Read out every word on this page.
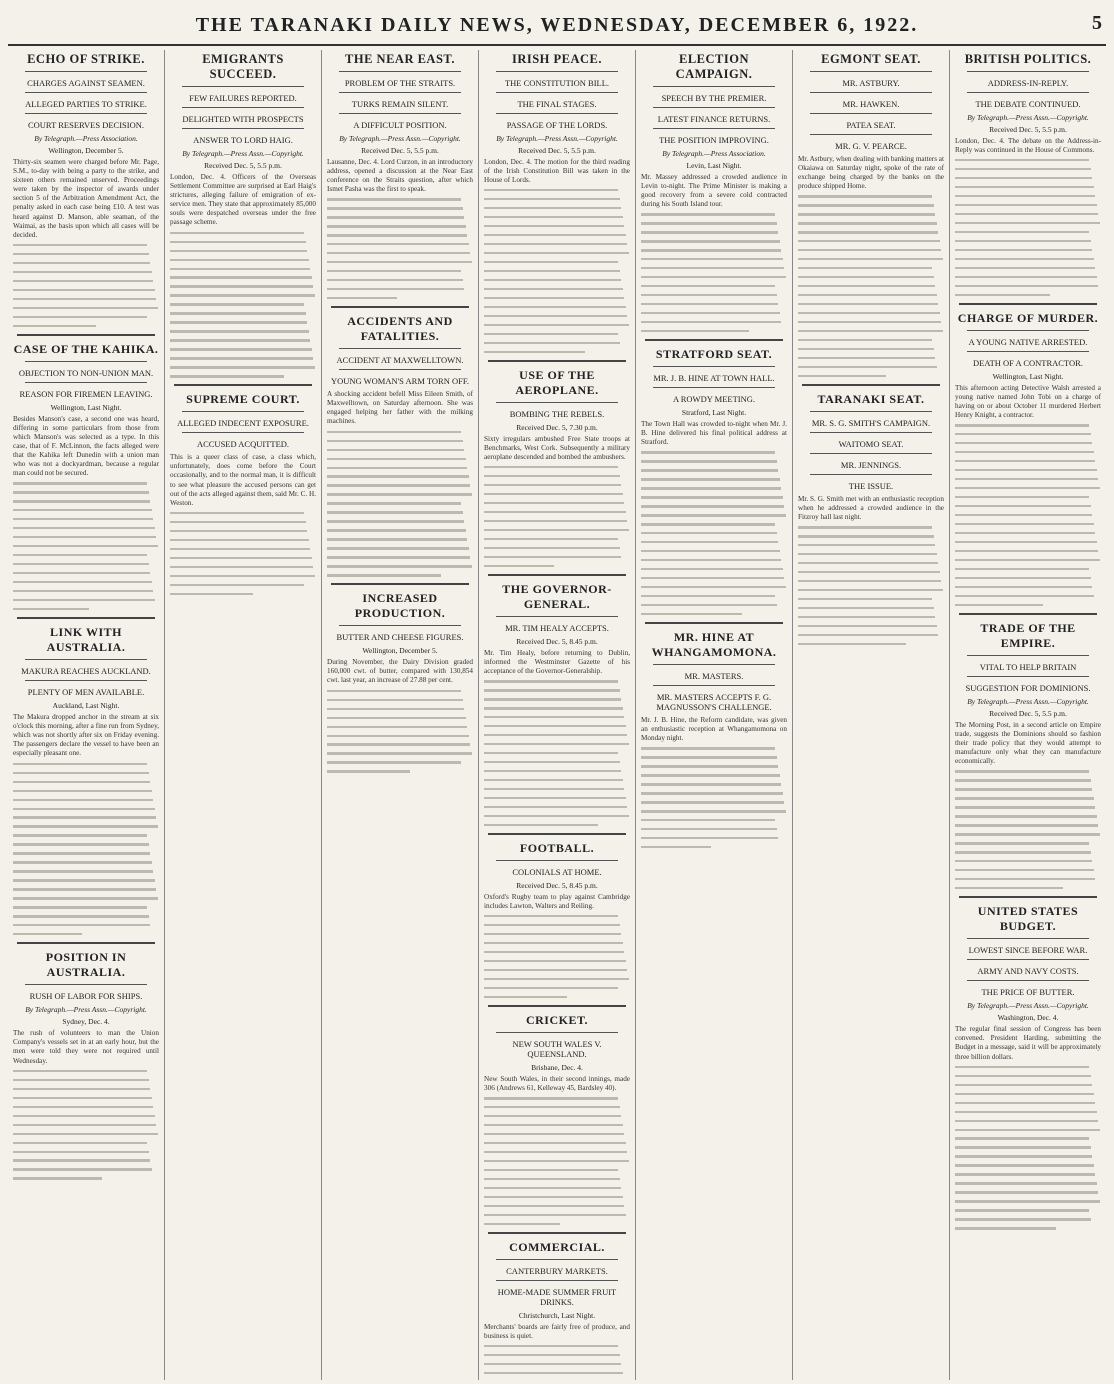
THE TARANAKI DAILY NEWS, WEDNESDAY, DECEMBER 6, 1922.	5
ECHO OF STRIKE.
CHARGES AGAINST SEAMEN.
ALLEGED PARTIES TO STRIKE.
COURT RESERVES DECISION.
By Telegraph.—Press Association.
Wellington, December 5.
Thirty-six seamen were charged before Mr. Page, S.M., to-day with being a party to the strike, and sixteen others remained unserved. Proceedings were taken by the inspector of awards under section 5 of the Arbitration Amendment Act, the penalty asked in each case being £10. A test was heard against D. Manson, able seaman, of the Waimai, as the basis upon which all cases will be decided.
CASE OF THE KAHIKA.
OBJECTION TO NON-UNION MAN.
REASON FOR FIREMEN LEAVING.
Wellington, Last Night.
Besides Manson's case, a second one was heard, differing in some particulars from those from which Manson's was selected as a type. In this case, that of F. McLinnon, the facts alleged were that the Kahika left Dunedin with a union man who was not a dockyardman, because a regular man could not be secured.
LINK WITH AUSTRALIA.
MAKURA REACHES AUCKLAND.
PLENTY OF MEN AVAILABLE.
Auckland, Last Night.
The Makura dropped anchor in the stream at six o'clock this morning, after a fine run from Sydney, which was not shortly after six on Friday evening. The passengers declare the vessel to have been an especially pleasant one.
POSITION IN AUSTRALIA.
RUSH OF LABOR FOR SHIPS.
By Telegraph.—Press Assn.—Copyright.
Sydney, Dec. 4.
The rush of volunteers to man the Union Company's vessels set in at an early hour, but the men were told they were not required until Wednesday.
EMIGRANTS SUCCEED.
FEW FAILURES REPORTED.
DELIGHTED WITH PROSPECTS
ANSWER TO LORD HAIG.
By Telegraph.—Press Assn.—Copyright.
Received Dec. 5, 5.5 p.m.
London, Dec. 4. Officers of the Overseas Settlement Committee are surprised at Earl Haig's strictures, alleging failure of emigration of ex-service men. They state that approximately 85,000 souls were despatched overseas under the free passage scheme.
SUPREME COURT.
ALLEGED INDECENT EXPOSURE.
ACCUSED ACQUITTED.
This is a queer class of case, a class which, unfortunately, does come before the Court occasionally, and to the normal man, it is difficult to see what pleasure the accused persons can get out of the acts alleged against them, said Mr. C. H. Weston.
THE NEAR EAST.
PROBLEM OF THE STRAITS.
TURKS REMAIN SILENT.
A DIFFICULT POSITION.
By Telegraph.—Press Assn.—Copyright.
Received Dec. 5, 5.5 p.m.
Lausanne, Dec. 4. Lord Curzon, in an introductory address, opened a discussion at the Near East conference on the Straits question, after which Ismet Pasha was the first to speak.
ACCIDENTS AND FATALITIES.
ACCIDENT AT MAXWELLTOWN.
YOUNG WOMAN'S ARM TORN OFF.
A shocking accident befell Miss Eileen Smith, of Maxwelltown, on Saturday afternoon. She was engaged helping her father with the milking machines.
INCREASED PRODUCTION.
BUTTER AND CHEESE FIGURES.
Wellington, December 5.
During November, the Dairy Division graded 160,000 cwt. of butter, compared with 130,854 cwt. last year, an increase of 27.88 per cent.
IRISH PEACE.
THE CONSTITUTION BILL.
THE FINAL STAGES.
PASSAGE OF THE LORDS.
By Telegraph.—Press Assn.—Copyright.
Received Dec. 5, 5.5 p.m.
London, Dec. 4. The motion for the third reading of the Irish Constitution Bill was taken in the House of Lords.
USE OF THE AEROPLANE.
BOMBING THE REBELS.
Received Dec. 5, 7.30 p.m.
Sixty irregulars ambushed Free State troops at Benchmarks, West Cork. Subsequently a military aeroplane descended and bombed the ambushers.
THE GOVERNOR-GENERAL.
MR. TIM HEALY ACCEPTS.
Received Dec. 5, 8.45 p.m.
Mr. Tim Healy, before returning to Dublin, informed the Westminster Gazette of his acceptance of the Governor-Generalship.
FOOTBALL.
COLONIALS AT HOME.
Received Dec. 5, 8.45 p.m.
Oxford's Rugby team to play against Cambridge includes Lawton, Walters and Reiling.
CRICKET.
NEW SOUTH WALES V. QUEENSLAND.
Brisbane, Dec. 4.
New South Wales, in their second innings, made 306 (Andrews 61, Kelleway 45, Bardsley 40).
COMMERCIAL.
CANTERBURY MARKETS.
HOME-MADE SUMMER FRUIT DRINKS.
Christchurch, Last Night.
Merchants' boards are fairly free of produce, and business is quiet.
ELECTION CAMPAIGN.
SPEECH BY THE PREMIER.
LATEST FINANCE RETURNS.
THE POSITION IMPROVING.
By Telegraph.—Press Association.
Levin, Last Night.
Mr. Massey addressed a crowded audience in Levin to-night. The Prime Minister is making a good recovery from a severe cold contracted during his South Island tour.
STRATFORD SEAT.
MR. J. B. HINE AT TOWN HALL.
A ROWDY MEETING.
Stratford, Last Night.
The Town Hall was crowded to-night when Mr. J. B. Hine delivered his final political address at Stratford.
MR. HINE AT WHANGAMOMONA.
MR. MASTERS.
MR. MASTERS ACCEPTS F. G. MAGNUSSON'S CHALLENGE.
Mr. J. B. Hine, the Reform candidate, was given an enthusiastic reception at Whangamomona on Monday night.
EGMONT SEAT.
MR. ASTBURY.
MR. HAWKEN.
PATEA SEAT.
MR. G. V. PEARCE.
Mr. Astbury, when dealing with banking matters at Okaiawa on Saturday night, spoke of the rate of exchange being charged by the banks on the produce shipped Home.
TARANAKI SEAT.
MR. S. G. SMITH'S CAMPAIGN.
WAITOMO SEAT.
MR. JENNINGS.
THE ISSUE.
Mr. S. G. Smith met with an enthusiastic reception when he addressed a crowded audience in the Fitzroy hall last night.
BRITISH POLITICS.
ADDRESS-IN-REPLY.
THE DEBATE CONTINUED.
By Telegraph.—Press Assn.—Copyright.
Received Dec. 5, 5.5 p.m.
London, Dec. 4. The debate on the Address-in-Reply was continued in the House of Commons.
CHARGE OF MURDER.
A YOUNG NATIVE ARRESTED.
DEATH OF A CONTRACTOR.
Wellington, Last Night.
This afternoon acting Detective Walsh arrested a young native named John Tobi on a charge of having on or about October 11 murdered Herbert Henry Knight, a contractor.
TRADE OF THE EMPIRE.
VITAL TO HELP BRITAIN
SUGGESTION FOR DOMINIONS.
By Telegraph.—Press Assn.—Copyright.
Received Dec. 5, 5.5 p.m.
The Morning Post, in a second article on Empire trade, suggests the Dominions should so fashion their trade policy that they would attempt to manufacture only what they can manufacture economically.
UNITED STATES BUDGET.
LOWEST SINCE BEFORE WAR.
ARMY AND NAVY COSTS.
THE PRICE OF BUTTER.
By Telegraph.—Press Assn.—Copyright.
Washington, Dec. 4.
The regular final session of Congress has been convened. President Harding, submitting the Budget in a message, said it will be approximately three billion dollars.
